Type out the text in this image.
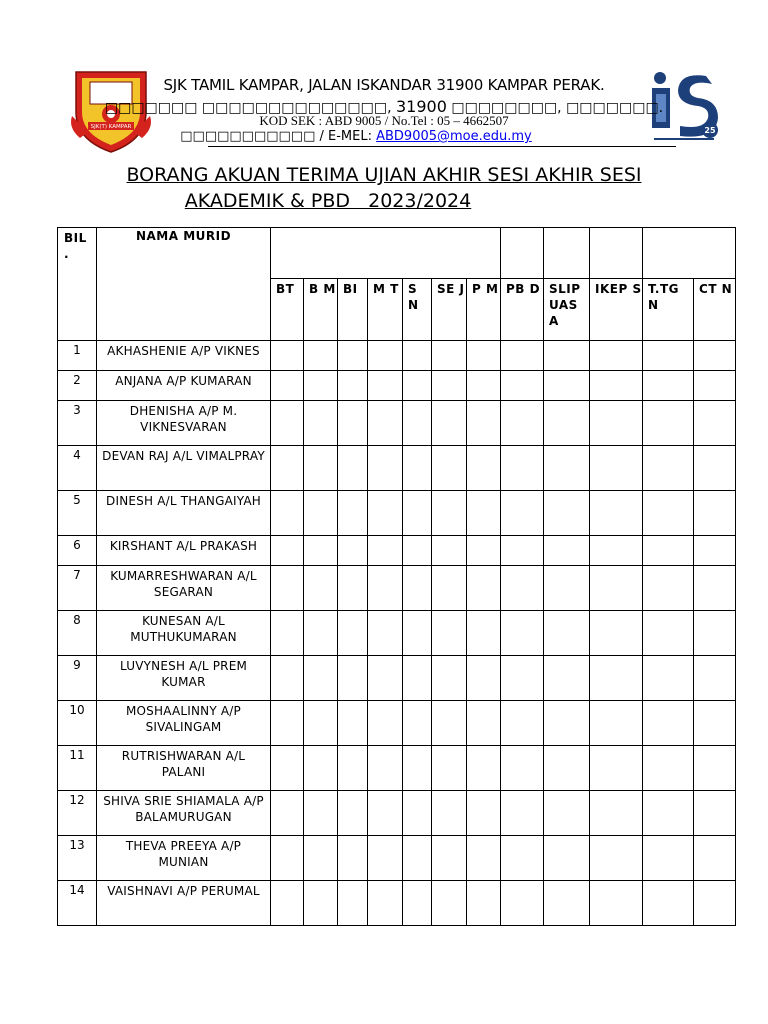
SJK(T) KAMPAR	25
SJK TAMIL KAMPAR, JALAN ISKANDAR 31900 KAMPAR PERAK.
□□□□□□□ □□□□□□□□□□□□□□, 31900 □□□□□□□□, □□□□□□□.
KOD SEK : ABD 9005 / No.Tel : 05 – 4662507
□□□□□□□□□□□ / E-MEL: ABD9005@moe.edu.my
BORANG AKUAN TERIMA UJIAN AKHIR SESI AKHIR SESI
AKADEMIK & PBD   2023/2024
BIL
.	NAMA MURID												
		BT	B M	BI	M T	S N	SE J	P M	PB D	SLIP UAS A	IKEP S	T.TG N	CT N
1	AKHASHENIE A/P VIKNES												
2	ANJANA A/P KUMARAN												
3	DHENISHA A/P M. VIKNESVARAN												
4	DEVAN RAJ A/L VIMALPRAY												
5	DINESH A/L THANGAIYAH												
6	KIRSHANT A/L PRAKASH												
7	KUMARRESHWARAN A/L SEGARAN												
8	KUNESAN A/L MUTHUKUMARAN												
9	LUVYNESH A/L PREM KUMAR												
10	MOSHAALINNY A/P SIVALINGAM												
11	RUTRISHWARAN A/L PALANI												
12	SHIVA SRIE SHIAMALA A/P BALAMURUGAN												
13	THEVA PREEYA A/P MUNIAN												
14	VAISHNAVI A/P PERUMAL												
